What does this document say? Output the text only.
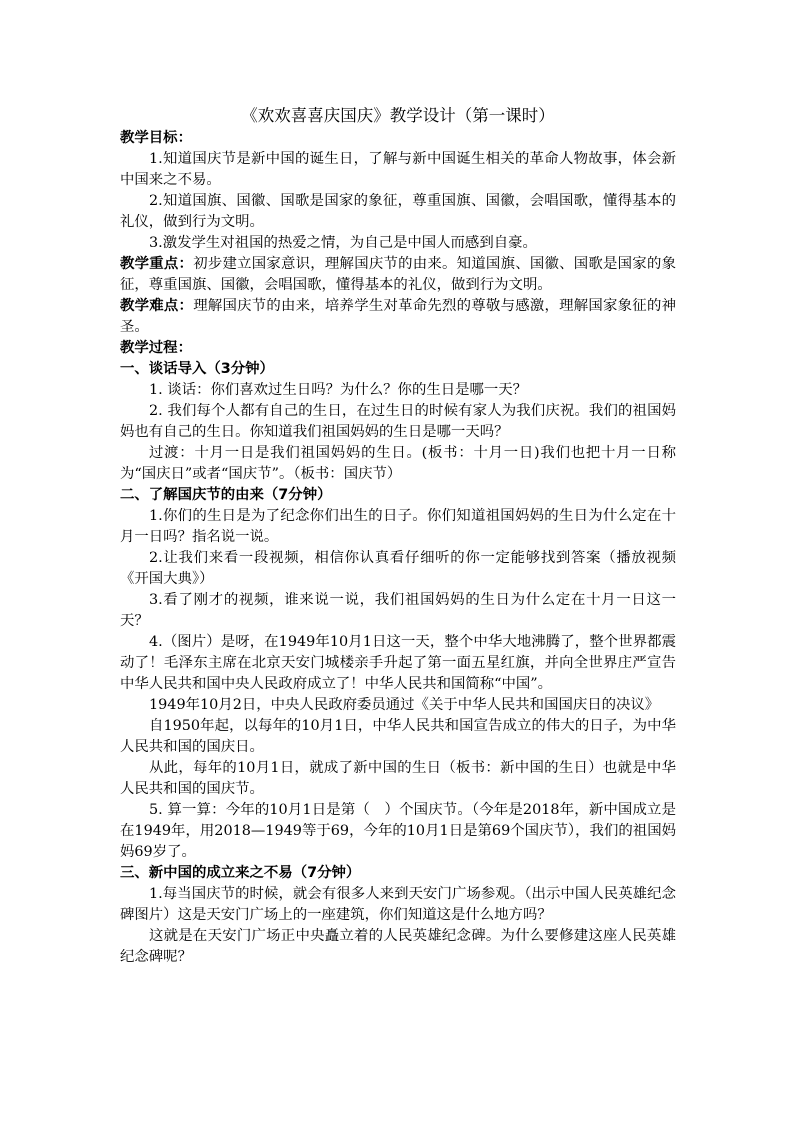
《欢欢喜喜庆国庆》教学设计（第一课时）
教学目标：
1.知道国庆节是新中国的诞生日，了解与新中国诞生相关的革命人物故事，体会新中国来之不易。
2.知道国旗、国徽、国歌是国家的象征，尊重国旗、国徽，会唱国歌，懂得基本的礼仪，做到行为文明。
3.激发学生对祖国的热爱之情，为自己是中国人而感到自豪。
教学重点：初步建立国家意识，理解国庆节的由来。知道国旗、国徽、国歌是国家的象征，尊重国旗、国徽，会唱国歌，懂得基本的礼仪，做到行为文明。
教学难点：理解国庆节的由来，培养学生对革命先烈的尊敬与感激，理解国家象征的神圣。
教学过程：
一、谈话导入（3分钟）
1. 谈话：你们喜欢过生日吗？为什么？你的生日是哪一天？
2. 我们每个人都有自己的生日，在过生日的时候有家人为我们庆祝。我们的祖国妈妈也有自己的生日。你知道我们祖国妈妈的生日是哪一天吗？
过渡：十月一日是我们祖国妈妈的生日。(板书：十月一日)我们也把十月一日称为“国庆日”或者“国庆节”。（板书：国庆节）
二、了解国庆节的由来（7分钟）
1.你们的生日是为了纪念你们出生的日子。你们知道祖国妈妈的生日为什么定在十月一日吗？指名说一说。
2.让我们来看一段视频，相信你认真看仔细听的你一定能够找到答案（播放视频《开国大典》）
3.看了刚才的视频，谁来说一说，我们祖国妈妈的生日为什么定在十月一日这一天？
4.（图片）是呀，在1949年10月1日这一天，整个中华大地沸腾了，整个世界都震动了！毛泽东主席在北京天安门城楼亲手升起了第一面五星红旗，并向全世界庄严宣告中华人民共和国中央人民政府成立了！中华人民共和国简称“中国”。
1949年10月2日，中央人民政府委员通过《关于中华人民共和国国庆日的决议》
自1950年起，以每年的10月1日，中华人民共和国宣告成立的伟大的日子，为中华人民共和国的国庆日。
从此，每年的10月1日，就成了新中国的生日（板书：新中国的生日）也就是中华人民共和国的国庆节。
5. 算一算：今年的10月1日是第（　）个国庆节。（今年是2018年，新中国成立是在1949年，用2018—1949等于69，今年的10月1日是第69个国庆节），我们的祖国妈妈69岁了。
三、新中国的成立来之不易（7分钟）
1.每当国庆节的时候，就会有很多人来到天安门广场参观。（出示中国人民英雄纪念碑图片）这是天安门广场上的一座建筑，你们知道这是什么地方吗？
这就是在天安门广场正中央矗立着的人民英雄纪念碑。为什么要修建这座人民英雄纪念碑呢？
